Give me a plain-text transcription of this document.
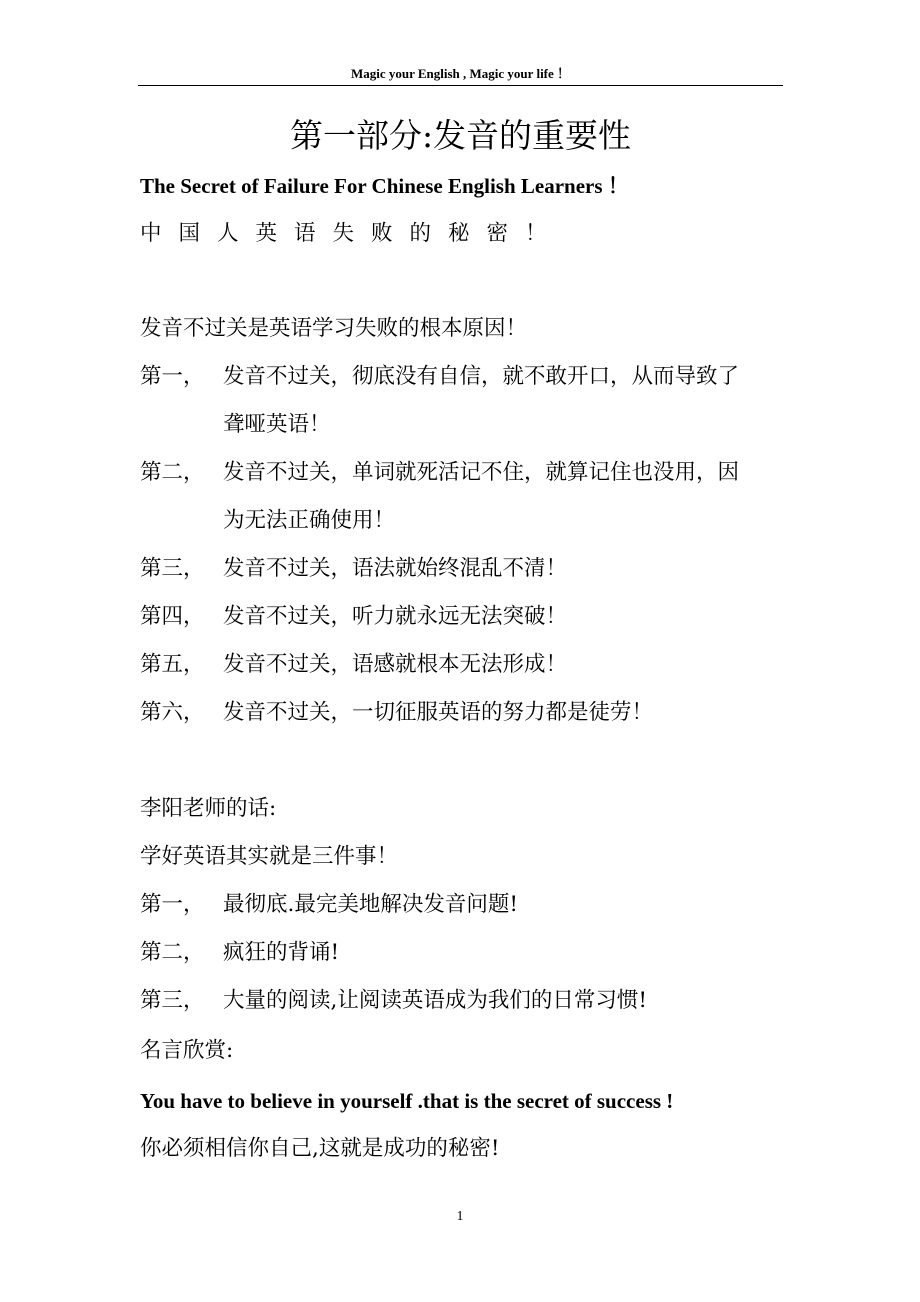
Magic your English , Magic your life ！
第一部分:发音的重要性
The Secret of Failure For Chinese English Learners ！
中国人英语失败的秘密！
发音不过关是英语学习失败的根本原因！
第一， 发音不过关，彻底没有自信，就不敢开口，从而导致了
聋哑英语！
第二， 发音不过关，单词就死活记不住，就算记住也没用，因
为无法正确使用！
第三， 发音不过关，语法就始终混乱不清！
第四， 发音不过关，听力就永远无法突破！
第五， 发音不过关，语感就根本无法形成！
第六， 发音不过关，一切征服英语的努力都是徒劳！
李阳老师的话:
学好英语其实就是三件事！
第一， 最彻底.最完美地解决发音问题!
第二， 疯狂的背诵!
第三， 大量的阅读,让阅读英语成为我们的日常习惯!
名言欣赏:
You have to believe in yourself .that is the secret of success !
你必须相信你自己,这就是成功的秘密!
1
